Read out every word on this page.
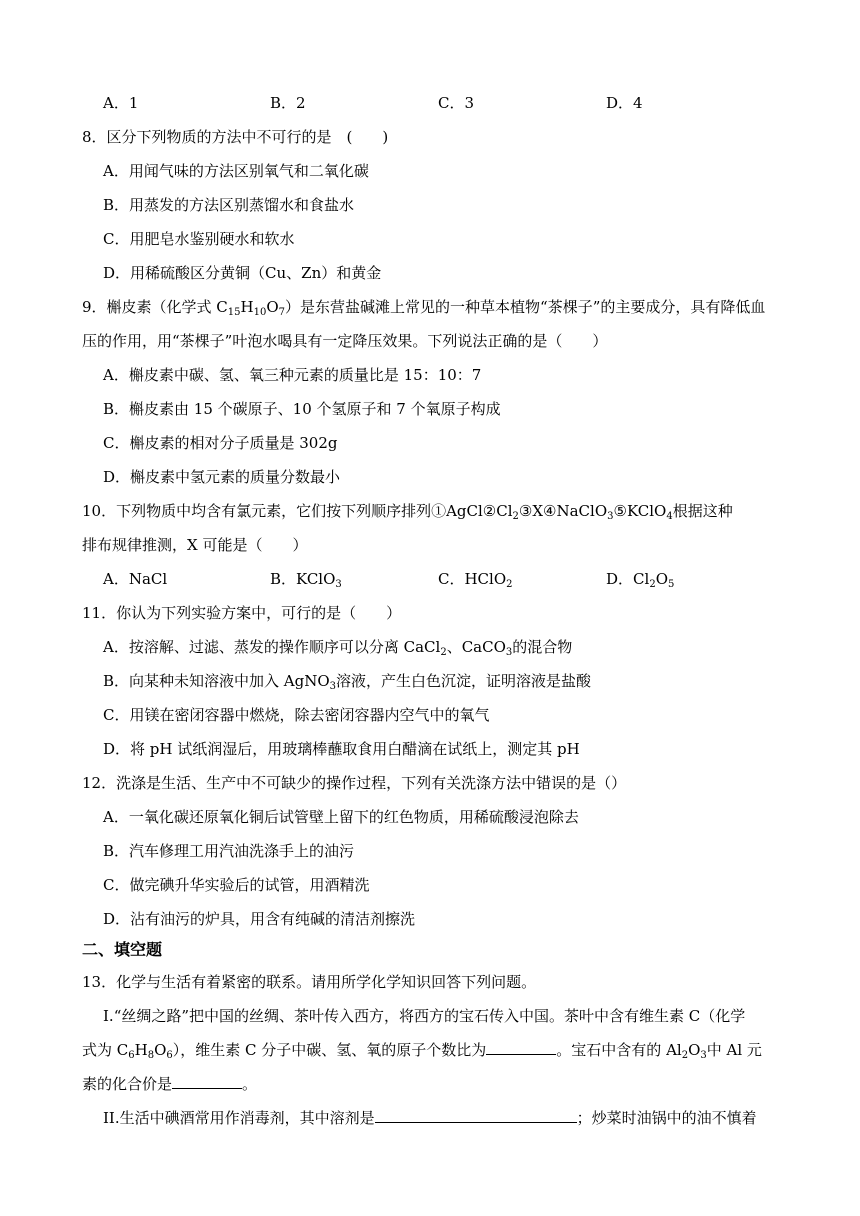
A．1	B．2	C．3	D．4
8．区分下列物质的方法中不可行的是　(　　)
A．用闻气味的方法区别氧气和二氧化碳
B．用蒸发的方法区别蒸馏水和食盐水
C．用肥皂水鉴别硬水和软水
D．用稀硫酸区分黄铜（Cu、Zn）和黄金
9．槲皮素（化学式 $C_{15}H_{10}O_7$）是东营盐碱滩上常见的一种草本植物“茶棵子”的主要成分，具有降低血
压的作用，用“茶棵子”叶泡水喝具有一定降压效果。下列说法正确的是（　　）
A．槲皮素中碳、氢、氧三种元素的质量比是 15：10：7
B．槲皮素由 15 个碳原子、10 个氢原子和 7 个氧原子构成
C．槲皮素的相对分子质量是 302g
D．槲皮素中氢元素的质量分数最小
10．下列物质中均含有氯元素，它们按下列顺序排列$①AgCl②Cl_2③X④NaClO_3⑤KClO_4$根据这种
排布规律推测，X 可能是（　　）
A．NaCl	B．KClO$_3$	C．HClO$_2$	D．$Cl_2O_5$
11．你认为下列实验方案中，可行的是（　　）
A．按溶解、过滤、蒸发的操作顺序可以分离 CaCl$_2$、CaCO$_3$的混合物
B．向某种未知溶液中加入 AgNO$_3$溶液，产生白色沉淀，证明溶液是盐酸
C．用镁在密闭容器中燃烧，除去密闭容器内空气中的氧气
D．将 pH 试纸润湿后，用玻璃棒蘸取食用白醋滴在试纸上，测定其 pH
12．洗涤是生活、生产中不可缺少的操作过程，下列有关洗涤方法中错误的是（）
A．一氧化碳还原氧化铜后试管壁上留下的红色物质，用稀硫酸浸泡除去
B．汽车修理工用汽油洗涤手上的油污
C．做完碘升华实验后的试管，用酒精洗
D．沾有油污的炉具，用含有纯碱的清洁剂擦洗
二、填空题
13．化学与生活有着紧密的联系。请用所学化学知识回答下列问题。
I.“丝绸之路”把中国的丝绸、茶叶传入西方，将西方的宝石传入中国。茶叶中含有维生素 C（化学
式为 $C_6H_8O_6$），维生素 C 分子中碳、氢、氧的原子个数比为	。宝石中含有的 $Al_2O_3$中 Al 元
素的化合价是	。
II.生活中碘酒常用作消毒剂，其中溶剂是	；炒菜时油锅中的油不慎着
